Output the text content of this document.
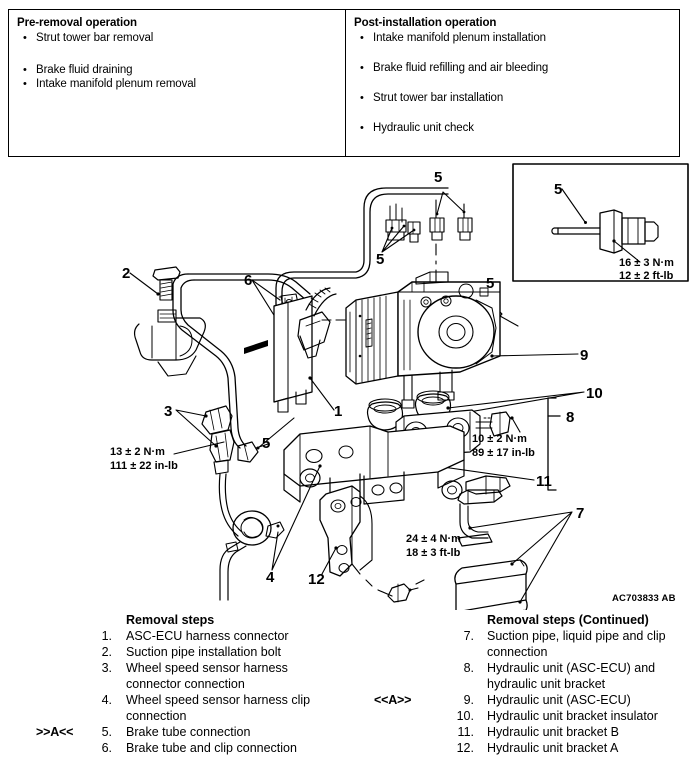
Pre-removal operation
• Strut tower bar removal
• Brake fluid draining
• Intake manifold plenum removal
Post-installation operation
• Intake manifold plenum installation
• Brake fluid refilling and air bleeding
• Strut tower bar installation
• Hydraulic unit check
2	6
5
5
5
5
5
1
3
4
9
10
11
8
7
12
13 ± 2 N·m
111 ± 22 in-lb
10 ± 2 N·m
89 ± 17 in-lb
24 ± 4 N·m
18 ± 3 ft-lb
16 ± 3 N·m
12 ± 2 ft-lb
AC703833 AB
Removal steps
1. ASC-ECU harness connector
2. Suction pipe installation bolt
3. Wheel speed sensor harness
connector connection
4. Wheel speed sensor harness clip
connection
>>A<<	5. Brake tube connection
6. Brake tube and clip connection
Removal steps (Continued)
7. Suction pipe, liquid pipe and clip
connection
8. Hydraulic unit (ASC-ECU) and
hydraulic unit bracket
<<A>>	9. Hydraulic unit (ASC-ECU)
10. Hydraulic unit bracket insulator
11. Hydraulic unit bracket B
12. Hydraulic unit bracket A
